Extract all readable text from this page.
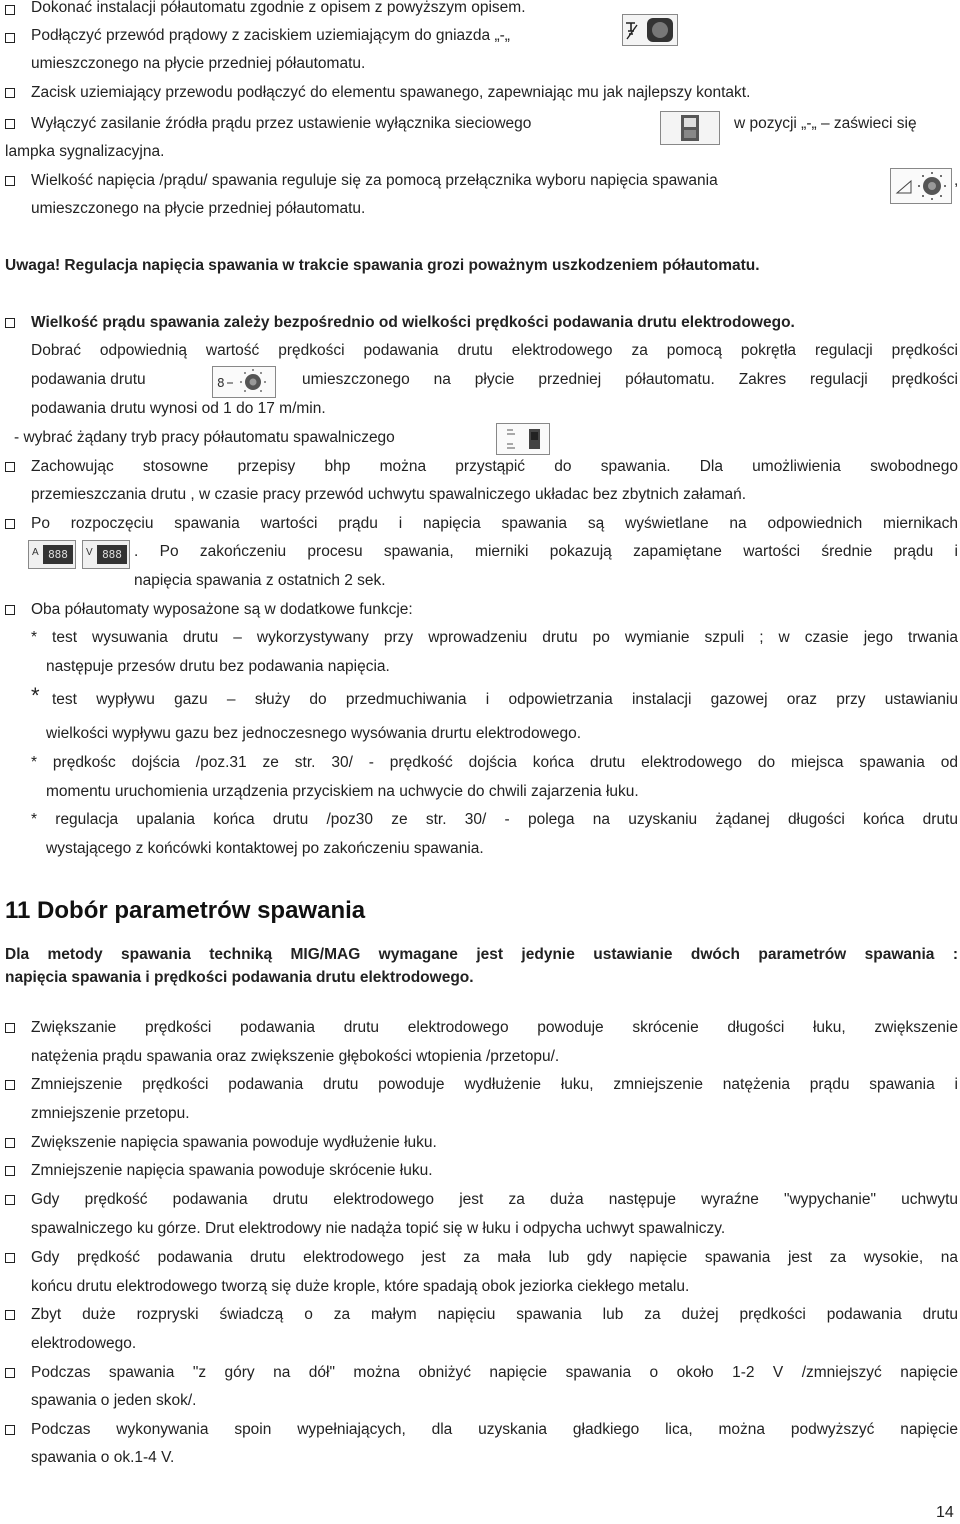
Dokonać instalacji półautomatu zgodnie z opisem z powyższym opisem.
Podłączyć przewód prądowy z zaciskiem uziemiającym do gniazda „-„
umieszczonego na płycie przedniej półautomatu.
Zacisk uziemiający przewodu podłączyć do elementu spawanego, zapewniając mu jak najlepszy kontakt.
Wyłączyć zasilanie źródła prądu przez ustawienie wyłącznika sieciowego	w pozycji „-„ – zaświeci się
lampka sygnalizacyjna.
Wielkość napięcia /prądu/ spawania reguluje się za pomocą przełącznika wyboru napięcia spawania	,
umieszczonego na płycie przedniej półautomatu.
Uwaga! Regulacja napięcia spawania w trakcie spawania grozi poważnym uszkodzeniem półautomatu.
Wielkość prądu spawania zależy bezpośrednio od wielkości prędkości podawania drutu elektrodowego.
Dobrać odpowiednią wartość prędkości podawania drutu elektrodowego za pomocą pokrętła regulacji prędkości
podawania drutu	8	umieszczonego na płycie przedniej półautomatu. Zakres regulacji prędkości
podawania drutu wynosi od 1 do 17 m/min.
- wybrać żądany tryb pracy półautomatu spawalniczego
Zachowując stosowne przepisy bhp można przystąpić do spawania. Dla umożliwienia swobodnego
przemieszczania drutu , w czasie pracy przewód uchwytu spawalniczego układac bez zbytnich załamań.
Po rozpoczęciu spawania wartości prądu i napięcia spawania są wyświetlane na odpowiednich miernikach
A 888	V 888 . Po zakończeniu procesu spawania, mierniki pokazują zapamiętane wartości średnie prądu i
napięcia spawania z ostatnich 2 sek.
Oba półautomaty wyposażone są w dodatkowe funkcje:
* test wysuwania drutu – wykorzystywany przy wprowadzeniu drutu po wymianie szpuli ; w czasie jego trwania
następuje przesów drutu bez podawania napięcia.
* test wypływu gazu – służy do przedmuchiwania i odpowietrzania instalacji gazowej oraz przy ustawianiu
wielkości wypływu gazu bez jednoczesnego wysówania drurtu elektrodowego.
* prędkośc dojścia /poz.31 ze str. 30/ - prędkość dojścia końca drutu elektrodowego do miejsca spawania od
momentu uruchomienia urządzenia przyciskiem na uchwycie do chwili zajarzenia łuku.
* regulacja upalania końca drutu /poz30 ze str. 30/ - polega na uzyskaniu żądanej długości końca drutu
wystającego z końcówki kontaktowej po zakończeniu spawania.
11 Dobór parametrów spawania
Dla metody spawania techniką MIG/MAG wymagane jest jedynie ustawianie dwóch parametrów spawania :
napięcia spawania i prędkości podawania drutu elektrodowego.
Zwiększanie prędkości podawania drutu elektrodowego powoduje skrócenie długości łuku, zwiększenie
natężenia prądu spawania oraz zwiększenie głębokości wtopienia /przetopu/.
Zmniejszenie prędkości podawania drutu powoduje wydłużenie łuku, zmniejszenie natężenia prądu spawania i
zmniejszenie przetopu.
Zwiększenie napięcia spawania powoduje wydłużenie łuku.
Zmniejszenie napięcia spawania powoduje skrócenie łuku.
Gdy prędkość podawania drutu elektrodowego jest za duża następuje wyraźne "wypychanie" uchwytu
spawalniczego ku górze. Drut elektrodowy nie nadąża topić się w łuku i odpycha uchwyt spawalniczy.
Gdy prędkość podawania drutu elektrodowego jest za mała lub gdy napięcie spawania jest za wysokie, na
końcu drutu elektrodowego tworzą się duże krople, które spadają obok jeziorka ciekłego metalu.
Zbyt duże rozpryski świadczą o za małym napięciu spawania lub za dużej prędkości podawania drutu
elektrodowego.
Podczas spawania "z góry na dół" można obniżyć napięcie spawania o około 1-2 V /zmniejszyć napięcie
spawania o jeden skok/.
Podczas wykonywania spoin wypełniających, dla uzyskania gładkiego lica, można podwyższyć napięcie
spawania o ok.1-4 V.
14
